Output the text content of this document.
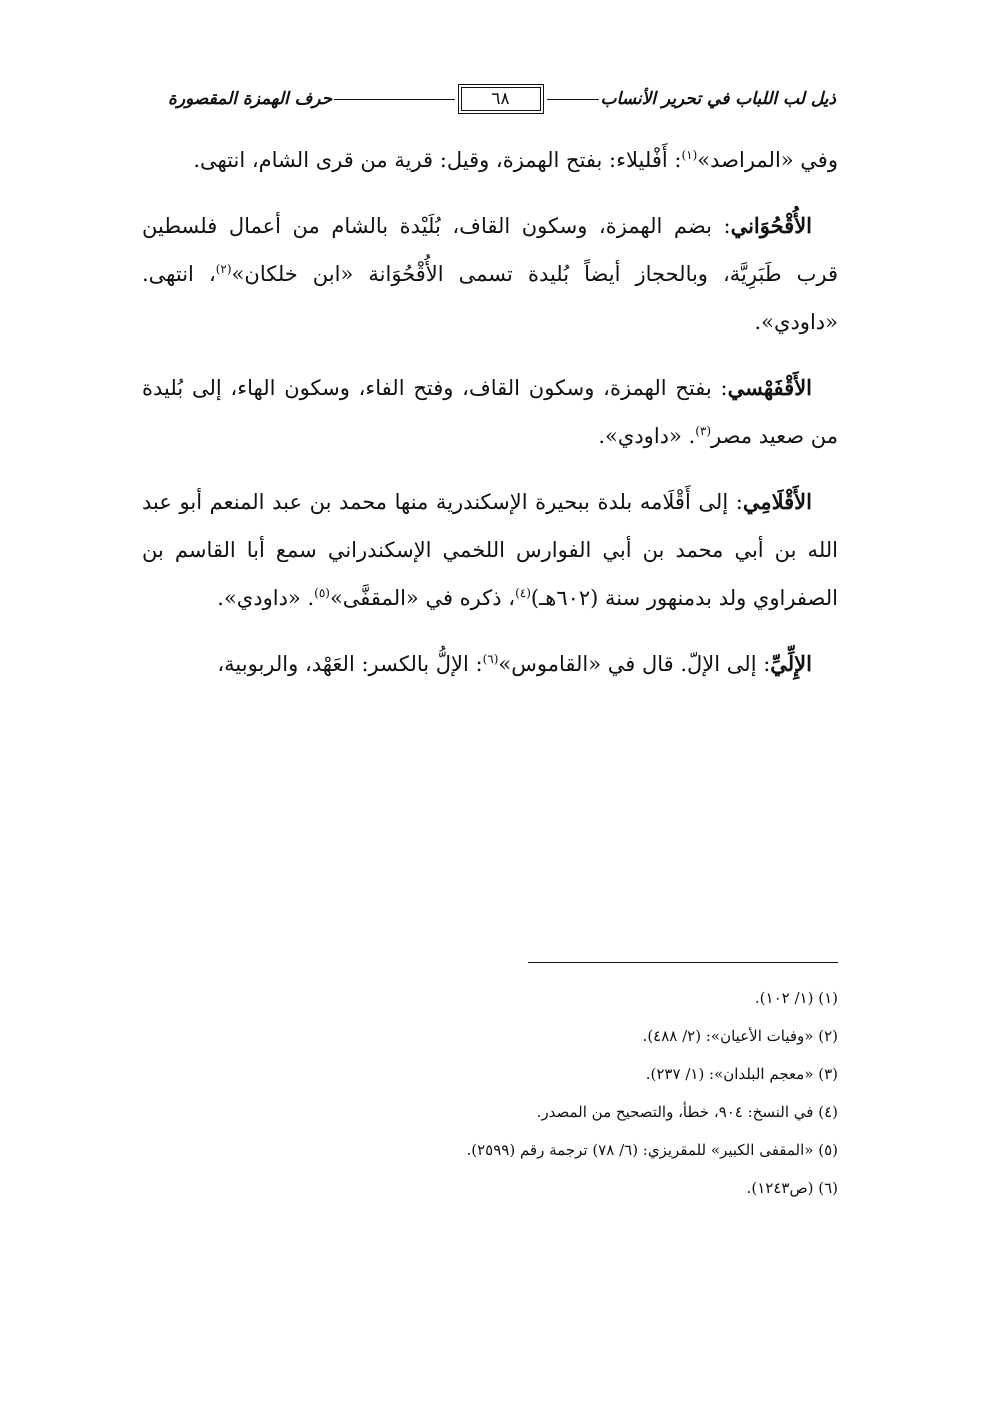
ذيل لب اللباب في تحرير الأنساب
٦٨
حرف الهمزة المقصورة

وفي «المراصد»$^{(١)}$: أَفْليلاء: بفتح الهمزة، وقيل: قرية من قرى الشام، انتهى.

الأُقْحُوَاني: بضم الهمزة، وسكون القاف، بُلَيْدة بالشام من أعمال فلسطين قرب طَبَرِيَّة، وبالحجاز أيضاً بُليدة تسمى الأُقْحُوَانة «ابن خلكان»$^{(٢)}$، انتهى. «داودي».

الأَقْفَهْسي: بفتح الهمزة، وسكون القاف، وفتح الفاء، وسكون الهاء، إلى بُليدة من صعيد مصر$^{(٣)}$. «داودي».

الأَقْلَامِي: إلى أَقْلَامه بلدة ببحيرة الإسكندرية منها محمد بن عبد المنعم أبو عبد الله بن أبي محمد بن أبي الفوارس اللخمي الإسكندراني سمع أبا القاسم بن الصفراوي ولد بدمنهور سنة (٦٠٢هـ)$^{(٤)}$، ذكره في «المقفَّى»$^{(٥)}$. «داودي».

الإِلِّيِّ: إلى الإلّ. قال في «القاموس»$^{(٦)}$: الإلُّ بالكسر: العَهْد، والربوبية،

(١) (١/ ١٠٢).

(٢) «وفيات الأعيان»: (٢/ ٤٨٨).

(٣) «معجم البلدان»: (١/ ٢٣٧).

(٤) في النسخ: ٩٠٤، خطأ، والتصحيح من المصدر.

(٥) «المقفى الكبير» للمقريزي: (٦/ ٧٨) ترجمة رقم (٢٥٩٩).

(٦) (ص١٢٤٣).
